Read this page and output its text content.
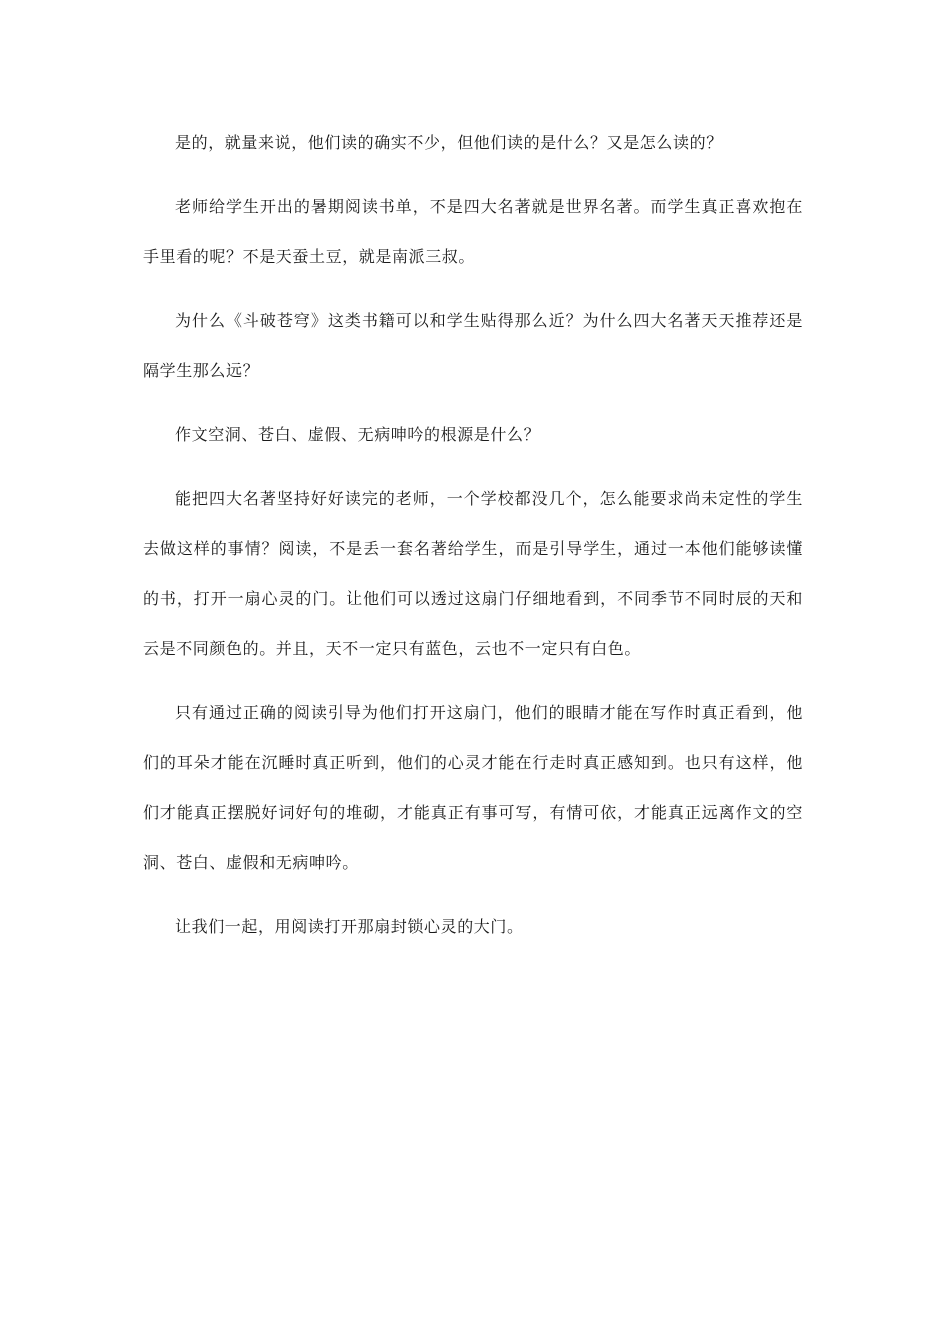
是的，就量来说，他们读的确实不少，但他们读的是什么？又是怎么读的？

老师给学生开出的暑期阅读书单，不是四大名著就是世界名著。而学生真正喜欢抱在手里看的呢？不是天蚕土豆，就是南派三叔。

为什么《斗破苍穹》这类书籍可以和学生贴得那么近？为什么四大名著天天推荐还是隔学生那么远？

作文空洞、苍白、虚假、无病呻吟的根源是什么？

能把四大名著坚持好好读完的老师，一个学校都没几个，怎么能要求尚未定性的学生去做这样的事情？阅读，不是丢一套名著给学生，而是引导学生，通过一本他们能够读懂的书，打开一扇心灵的门。让他们可以透过这扇门仔细地看到，不同季节不同时辰的天和云是不同颜色的。并且，天不一定只有蓝色，云也不一定只有白色。

只有通过正确的阅读引导为他们打开这扇门，他们的眼睛才能在写作时真正看到，他们的耳朵才能在沉睡时真正听到，他们的心灵才能在行走时真正感知到。也只有这样，他们才能真正摆脱好词好句的堆砌，才能真正有事可写，有情可依，才能真正远离作文的空洞、苍白、虚假和无病呻吟。

让我们一起，用阅读打开那扇封锁心灵的大门。
